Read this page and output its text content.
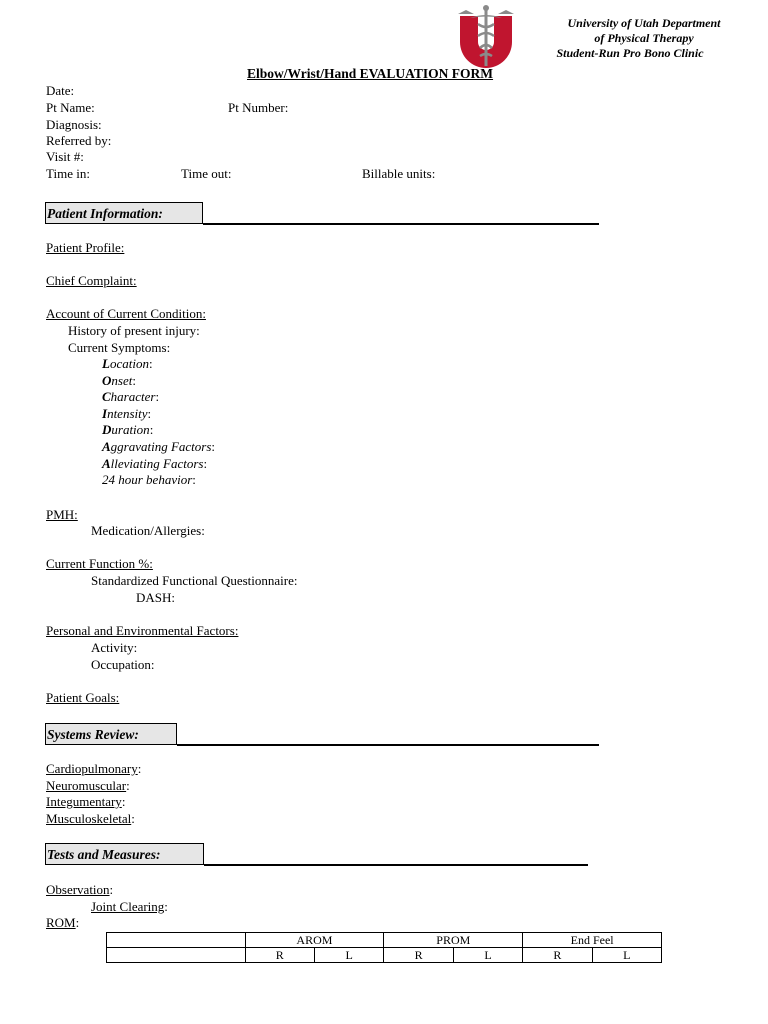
University of Utah Department
of Physical Therapy
Student-Run Pro Bono Clinic
Elbow/Wrist/Hand EVALUATION FORM
Date:
Pt Name:	Pt Number:
Diagnosis:
Referred by:
Visit #:
Time in:	Time out:	Billable units:
Patient Information:
Patient Profile:
Chief Complaint:
Account of Current Condition:
History of present injury:
Current Symptoms:
Location:
Onset:
Character:
Intensity:
Duration:
Aggravating Factors:
Alleviating Factors:
24 hour behavior:
PMH:
Medication/Allergies:
Current Function %:
Standardized Functional Questionnaire:
DASH:
Personal and Environmental Factors:
Activity:
Occupation:
Patient Goals:
Systems Review:
Cardiopulmonary:
Neuromuscular:
Integumentary:
Musculoskeletal:
Tests and Measures:
Observation:
Joint Clearing:
ROM:
	AROM		PROM		End Feel	
	R	L	R	L	R	L
